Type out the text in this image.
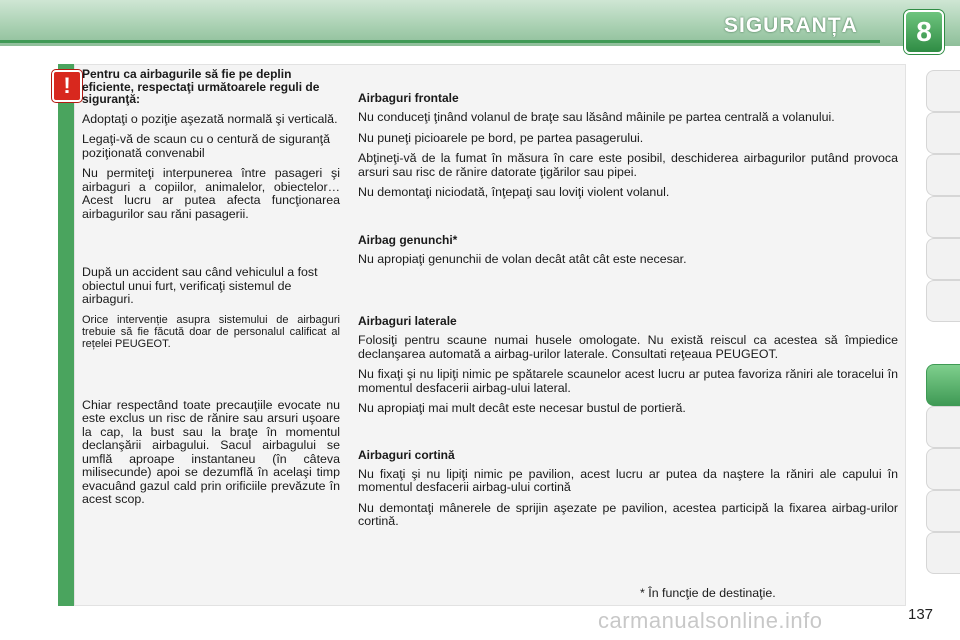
SIGURANȚA	8
! Pentru ca airbagurile să fie pe deplin eficiente, respectaţi următoarele reguli de siguranţă:

Adoptaţi o poziţie aşezată normală şi verticală.

Legaţi-vă de scaun cu o centură de siguranţă poziţionată convenabil

Nu permiteţi interpunerea între pasageri şi airbaguri a copiilor, animalelor, obiectelor… Acest lucru ar putea afecta funcţionarea airbagurilor sau răni pasagerii.

După un accident sau când vehiculul a fost obiectul unui furt, verificaţi sistemul de airbaguri.

Orice intervenție asupra sistemului de airbaguri trebuie să fie făcută doar de personalul calificat al rețelei PEUGEOT.

Chiar respectând toate precauţiile evocate nu este exclus un risc de rănire sau arsuri uşoare la cap, la bust sau la braţe în momentul declanşării airbagului. Sacul airbagului se umflă aproape instantaneu (în câteva milisecunde) apoi se dezumflă în acelaşi timp evacuând gazul cald prin orificiile prevăzute în acest scop.

Airbaguri frontale

Nu conduceţi ţinând volanul de braţe sau lăsând mâinile pe partea centrală a volanului.

Nu puneţi picioarele pe bord, pe partea pasagerului.

Abţineţi-vă de la fumat în măsura în care este posibil, deschiderea airbagurilor putând provoca arsuri sau risc de rănire datorate ţigărilor sau pipei.

Nu demontaţi niciodată, înţepaţi sau loviţi violent volanul.

Airbag genunchi*

Nu apropiaţi genunchii de volan decât atât cât este necesar.

Airbaguri laterale

Folosiţi pentru scaune numai husele omologate. Nu există reiscul ca acestea să împiedice declanşarea automată a airbag-urilor laterale. Consultati reţeaua PEUGEOT.

Nu fixaţi şi nu lipiţi nimic pe spătarele scaunelor acest lucru ar putea favoriza răniri ale toracelui în momentul desfacerii airbag-ului lateral.

Nu apropiaţi mai mult decât este necesar bustul de portieră.

Airbaguri cortină

Nu fixaţi şi nu lipiţi nimic pe pavilion, acest lucru ar putea da naştere la răniri ale capului în momentul desfacerii airbag-ului cortină

Nu demontaţi mânerele de sprijin aşezate pe pavilion, acestea participă la fixarea airbag-urilor cortină.

* În funcţie de destinaţie.
carmanualsonline.info	137
